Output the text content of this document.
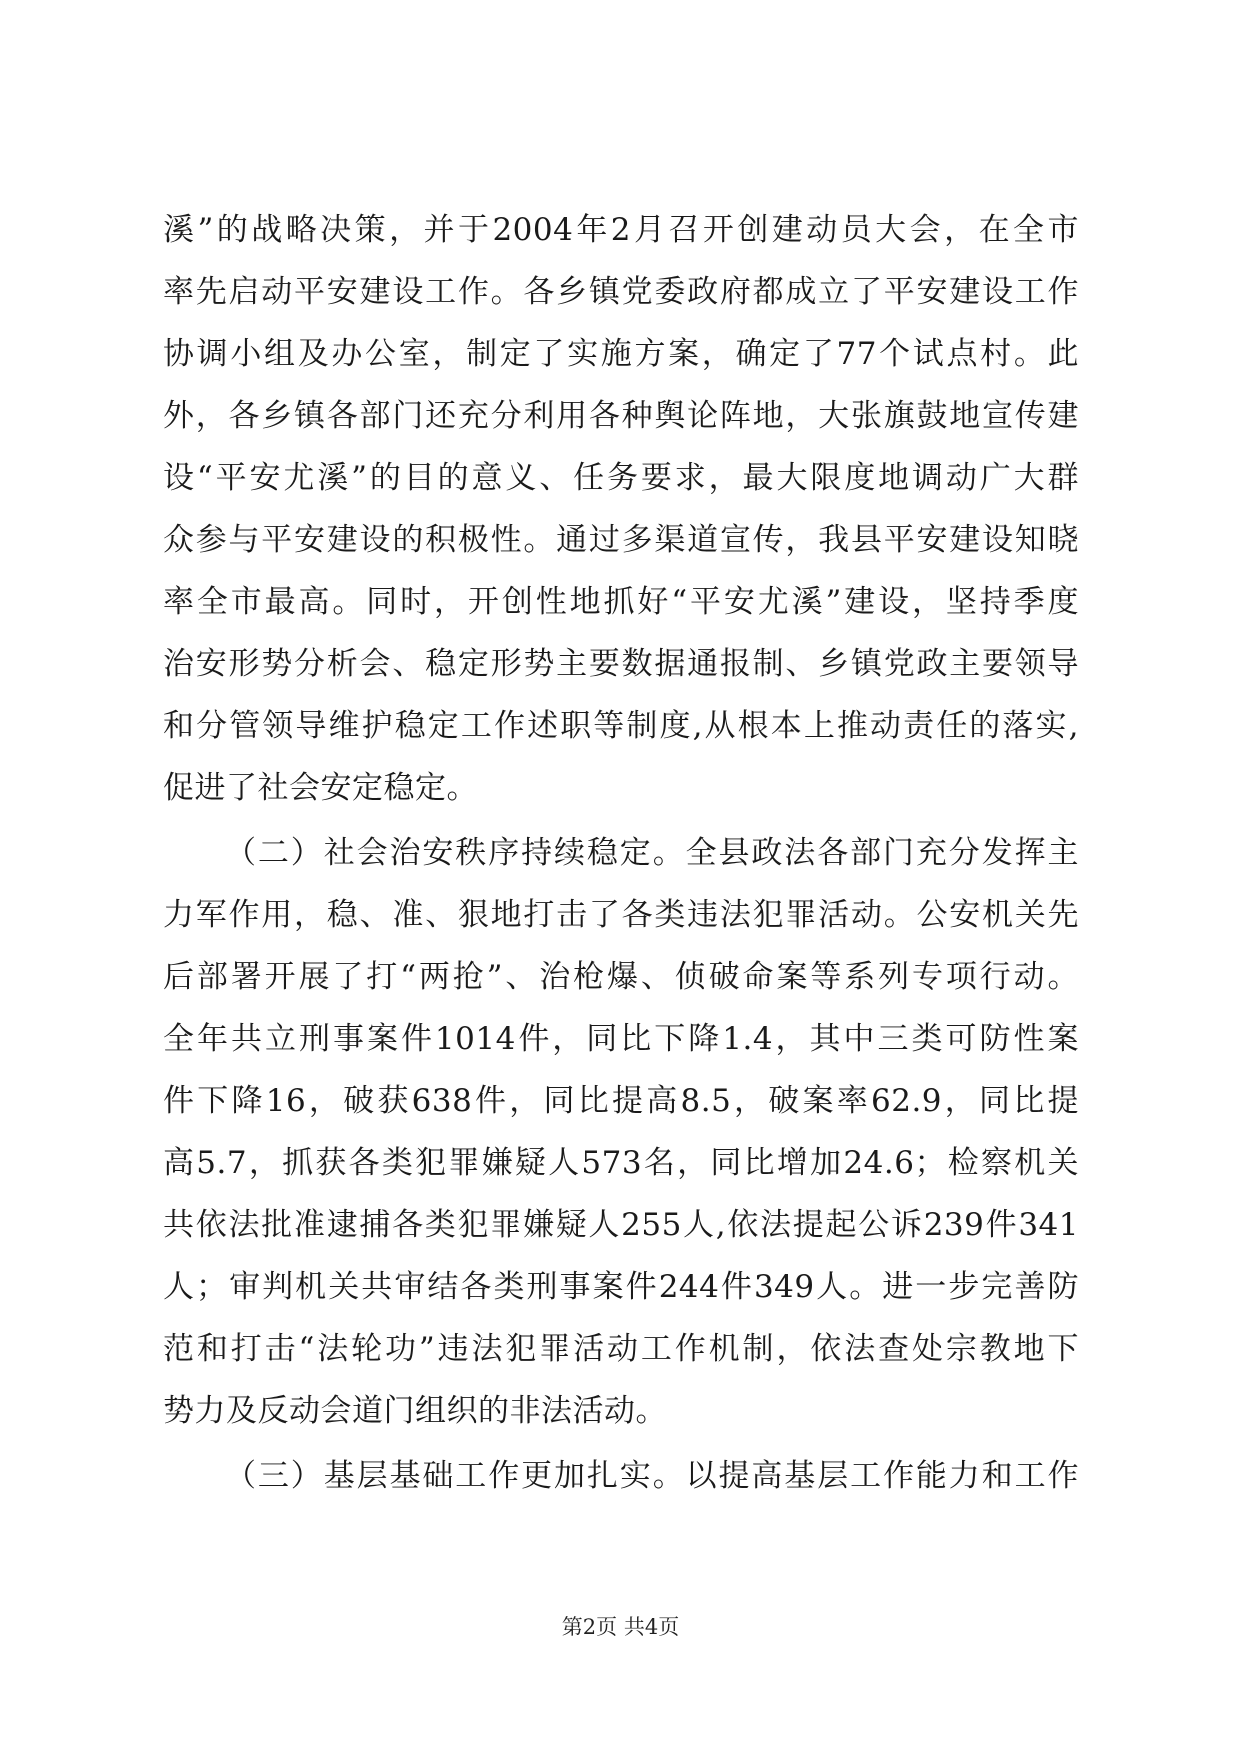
溪”的战略决策，并于2004年2月召开创建动员大会，在全市
率先启动平安建设工作。各乡镇党委政府都成立了平安建设工作
协调小组及办公室，制定了实施方案，确定了77个试点村。此
外，各乡镇各部门还充分利用各种舆论阵地，大张旗鼓地宣传建
设“平安尤溪”的目的意义、任务要求，最大限度地调动广大群
众参与平安建设的积极性。通过多渠道宣传，我县平安建设知晓
率全市最高。同时，开创性地抓好“平安尤溪”建设，坚持季度
治安形势分析会、稳定形势主要数据通报制、乡镇党政主要领导
和分管领导维护稳定工作述职等制度,从根本上推动责任的落实,
促进了社会安定稳定。
（二）社会治安秩序持续稳定。全县政法各部门充分发挥主
力军作用，稳、准、狠地打击了各类违法犯罪活动。公安机关先
后部署开展了打“两抢”、治枪爆、侦破命案等系列专项行动。
全年共立刑事案件1014件，同比下降1.4，其中三类可防性案
件下降16，破获638件，同比提高8.5，破案率62.9，同比提
高5.7，抓获各类犯罪嫌疑人573名，同比增加24.6；检察机关
共依法批准逮捕各类犯罪嫌疑人255人,依法提起公诉239件341
人；审判机关共审结各类刑事案件244件349人。进一步完善防
范和打击“法轮功”违法犯罪活动工作机制，依法查处宗教地下
势力及反动会道门组织的非法活动。
（三）基层基础工作更加扎实。以提高基层工作能力和工作
第2页 共4页
